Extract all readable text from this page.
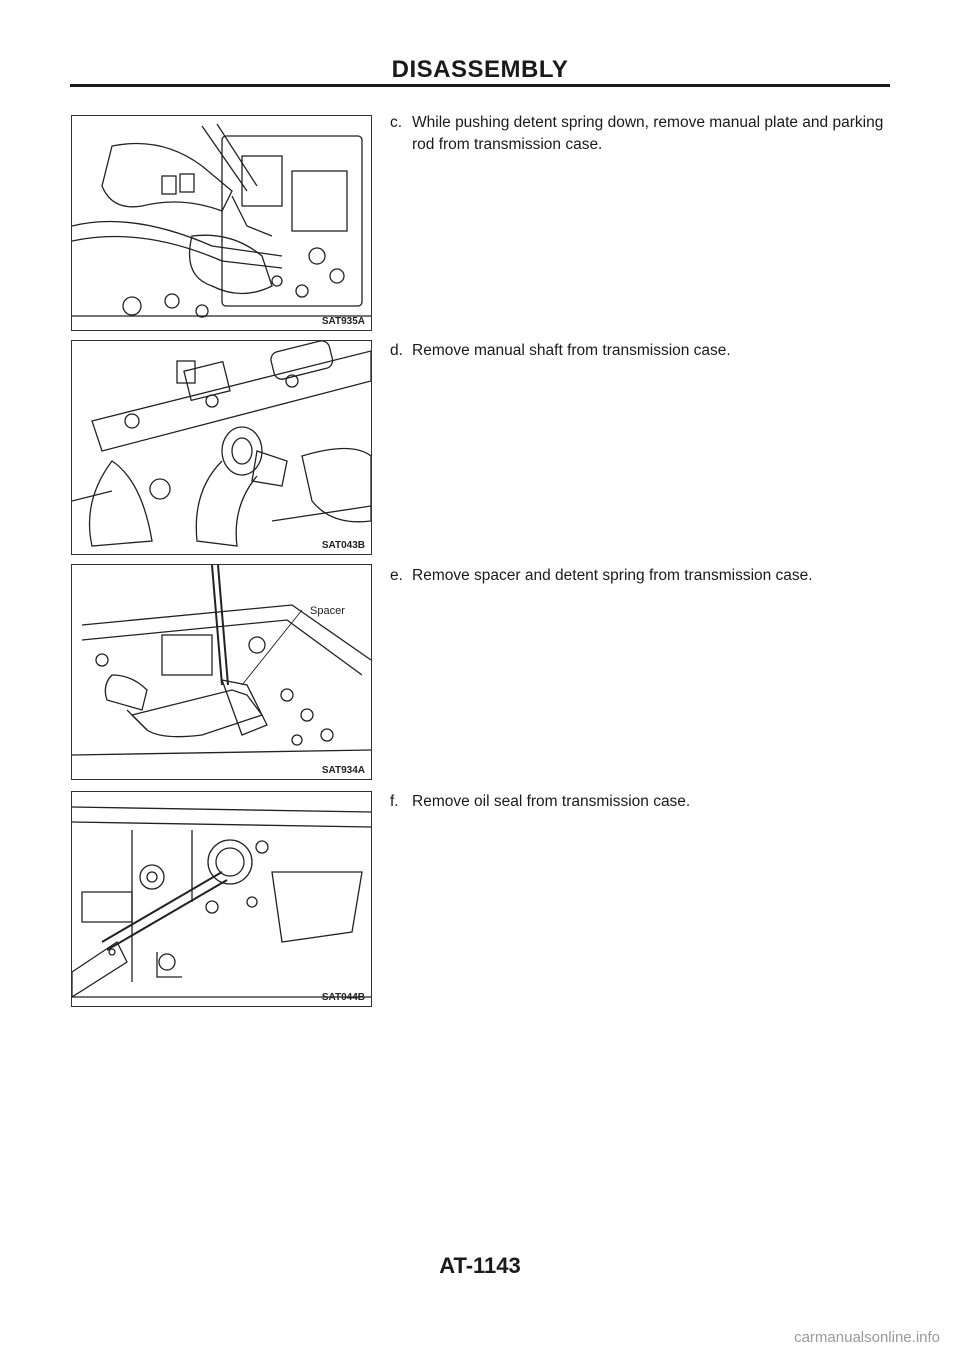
DISASSEMBLY
SAT935A
SAT043B
Spacer
SAT934A
SAT044B

c. While pushing detent spring down, remove manual plate and parking rod from transmission case.

d. Remove manual shaft from transmission case.

e. Remove spacer and detent spring from transmission case.

f. Remove oil seal from transmission case.

AT-1143

carmanualsonline.info
